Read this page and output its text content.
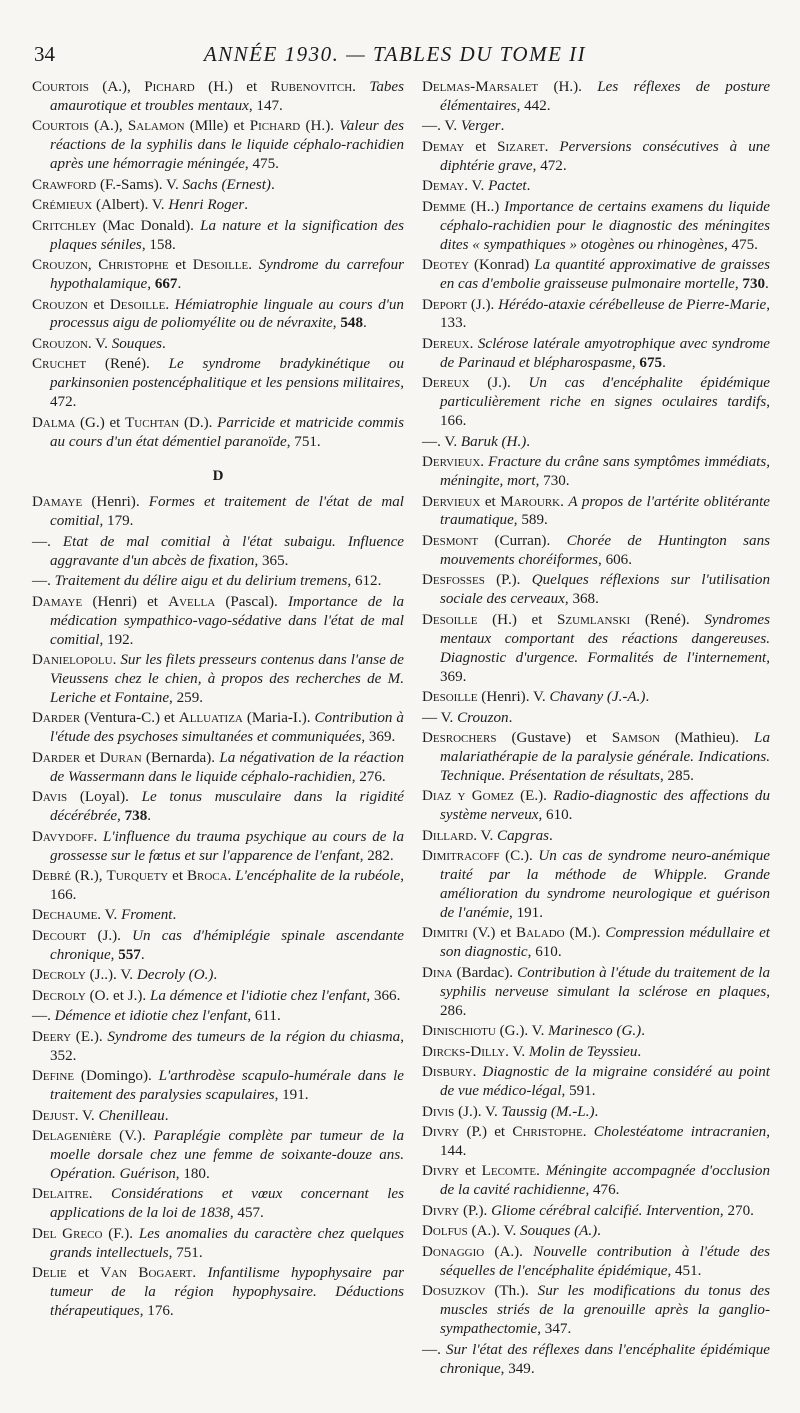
34	ANNÉE 1930. — TABLES DU TOME II

Courtois (A.), Pichard (H.) et Rubenovitch. Tabes amaurotique et troubles mentaux, 147.

Courtois (A.), Salamon (Mlle) et Pichard (H.). Valeur des réactions de la syphilis dans le liquide céphalo-rachidien après une hémorragie méningée, 475.

Crawford (F.-Sams). V. Sachs (Ernest).

Crémieux (Albert). V. Henri Roger.

Critchley (Mac Donald). La nature et la signification des plaques séniles, 158.

Crouzon, Christophe et Desoille. Syndrome du carrefour hypothalamique, 667.

Crouzon et Desoille. Hémiatrophie linguale au cours d'un processus aigu de poliomyélite ou de névraxite, 548.

Crouzon. V. Souques.

Cruchet (René). Le syndrome bradykinétique ou parkinsonien postencéphalitique et les pensions militaires, 472.

Dalma (G.) et Tuchtan (D.). Parricide et matricide commis au cours d'un état démentiel paranoïde, 751.

D

Damaye (Henri). Formes et traitement de l'état de mal comitial, 179.

—. Etat de mal comitial à l'état subaigu. Influence aggravante d'un abcès de fixation, 365.

—. Traitement du délire aigu et du delirium tremens, 612.

Damaye (Henri) et Avella (Pascal). Importance de la médication sympathico-vago-sédative dans l'état de mal comitial, 192.

Danielopolu. Sur les filets presseurs contenus dans l'anse de Vieussens chez le chien, à propos des recherches de M. Leriche et Fontaine, 259.

Darder (Ventura-C.) et Alluatiza (Maria-I.). Contribution à l'étude des psychoses simultanées et communiquées, 369.

Darder et Duran (Bernarda). La négativation de la réaction de Wassermann dans le liquide céphalo-rachidien, 276.

Davis (Loyal). Le tonus musculaire dans la rigidité décérébrée, 738.

Davydoff. L'influence du trauma psychique au cours de la grossesse sur le fœtus et sur l'apparence de l'enfant, 282.

Debré (R.), Turquety et Broca. L'encéphalite de la rubéole, 166.

Dechaume. V. Froment.

Decourt (J.). Un cas d'hémiplégie spinale ascendante chronique, 557.

Decroly (J..). V. Decroly (O.).

Decroly (O. et J.). La démence et l'idiotie chez l'enfant, 366.

—. Démence et idiotie chez l'enfant, 611.

Deery (E.). Syndrome des tumeurs de la région du chiasma, 352.

Define (Domingo). L'arthrodèse scapulo-humérale dans le traitement des paralysies scapulaires, 191.

Dejust. V. Chenilleau.

Delagenière (V.). Paraplégie complète par tumeur de la moelle dorsale chez une femme de soixante-douze ans. Opération. Guérison, 180.

Delaitre. Considérations et vœux concernant les applications de la loi de 1838, 457.

Del Greco (F.). Les anomalies du caractère chez quelques grands intellectuels, 751.

Delie et Van Bogaert. Infantilisme hypophysaire par tumeur de la région hypophysaire. Déductions thérapeutiques, 176.

Delmas-Marsalet (H.). Les réflexes de posture élémentaires, 442.

—. V. Verger.

Demay et Sizaret. Perversions consécutives à une diphtérie grave, 472.

Demay. V. Pactet.

Demme (H..) Importance de certains examens du liquide céphalo-rachidien pour le diagnostic des méningites dites « sympathiques » otogènes ou rhinogènes, 475.

Deotey (Konrad) La quantité approximative de graisses en cas d'embolie graisseuse pulmonaire mortelle, 730.

Deport (J.). Hérédo-ataxie cérébelleuse de Pierre-Marie, 133.

Dereux. Sclérose latérale amyotrophique avec syndrome de Parinaud et blépharospasme, 675.

Dereux (J.). Un cas d'encéphalite épidémique particulièrement riche en signes oculaires tardifs, 166.

—. V. Baruk (H.).

Dervieux. Fracture du crâne sans symptômes immédiats, méningite, mort, 730.

Dervieux et Marourk. A propos de l'artérite oblitérante traumatique, 589.

Desmont (Curran). Chorée de Huntington sans mouvements choréiformes, 606.

Desfosses (P.). Quelques réflexions sur l'utilisation sociale des cerveaux, 368.

Desoille (H.) et Szumlanski (René). Syndromes mentaux comportant des réactions dangereuses. Diagnostic d'urgence. Formalités de l'internement, 369.

Desoille (Henri). V. Chavany (J.-A.).

— V. Crouzon.

Desrochers (Gustave) et Samson (Mathieu). La malariathérapie de la paralysie générale. Indications. Technique. Présentation de résultats, 285.

Diaz y Gomez (E.). Radio-diagnostic des affections du système nerveux, 610.

Dillard. V. Capgras.

Dimitracoff (C.). Un cas de syndrome neuro-anémique traité par la méthode de Whipple. Grande amélioration du syndrome neurologique et guérison de l'anémie, 191.

Dimitri (V.) et Balado (M.). Compression médullaire et son diagnostic, 610.

Dina (Bardac). Contribution à l'étude du traitement de la syphilis nerveuse simulant la sclérose en plaques, 286.

Dinischiotu (G.). V. Marinesco (G.).

Dircks-Dilly. V. Molin de Teyssieu.

Disbury. Diagnostic de la migraine considéré au point de vue médico-légal, 591.

Divis (J.). V. Taussig (M.-L.).

Divry (P.) et Christophe. Cholestéatome intracranien, 144.

Divry et Lecomte. Méningite accompagnée d'occlusion de la cavité rachidienne, 476.

Divry (P.). Gliome cérébral calcifié. Intervention, 270.

Dolfus (A.). V. Souques (A.).

Donaggio (A.). Nouvelle contribution à l'étude des séquelles de l'encéphalite épidémique, 451.

Dosuzkov (Th.). Sur les modifications du tonus des muscles striés de la grenouille après la ganglio-sympathectomie, 347.

—. Sur l'état des réflexes dans l'encéphalite épidémique chronique, 349.
